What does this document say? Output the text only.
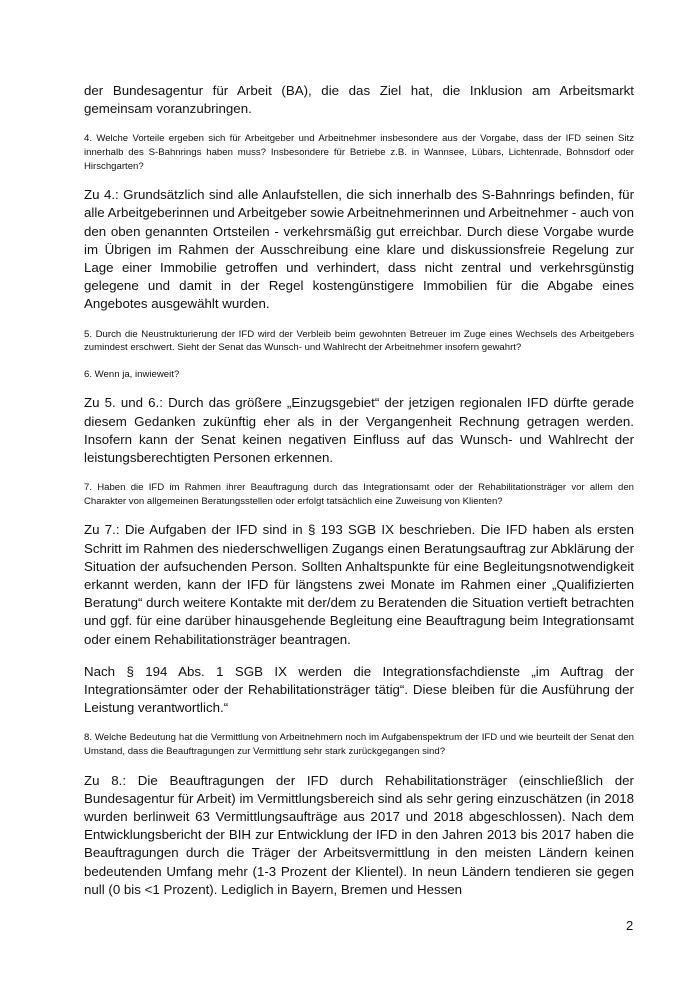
der Bundesagentur für Arbeit (BA), die das Ziel hat, die Inklusion am Arbeitsmarkt gemeinsam voranzubringen.

4. Welche Vorteile ergeben sich für Arbeitgeber und Arbeitnehmer insbesondere aus der Vorgabe, dass der IFD seinen Sitz innerhalb des S-Bahnrings haben muss? Insbesondere für Betriebe z.B. in Wannsee, Lübars, Lichtenrade, Bohnsdorf oder Hirschgarten?

Zu 4.: Grundsätzlich sind alle Anlaufstellen, die sich innerhalb des S-Bahnrings befinden, für alle Arbeitgeberinnen und Arbeitgeber sowie Arbeitnehmerinnen und Arbeitnehmer - auch von den oben genannten Ortsteilen - verkehrsmäßig gut erreichbar. Durch diese Vorgabe wurde im Übrigen im Rahmen der Ausschreibung eine klare und diskussionsfreie Regelung zur Lage einer Immobilie getroffen und verhindert, dass nicht zentral und verkehrsgünstig gelegene und damit in der Regel kostengünstigere Immobilien für die Abgabe eines Angebotes ausgewählt wurden.

5. Durch die Neustrukturierung der IFD wird der Verbleib beim gewohnten Betreuer im Zuge eines Wechsels des Arbeitgebers zumindest erschwert. Sieht der Senat das Wunsch- und Wahlrecht der Arbeitnehmer insofern gewahrt?

6. Wenn ja, inwieweit?

Zu 5. und 6.: Durch das größere „Einzugsgebiet“ der jetzigen regionalen IFD dürfte gerade diesem Gedanken zukünftig eher als in der Vergangenheit Rechnung getragen werden. Insofern kann der Senat keinen negativen Einfluss auf das Wunsch- und Wahlrecht der leistungsberechtigten Personen erkennen.

7. Haben die IFD im Rahmen ihrer Beauftragung durch das Integrationsamt oder der Rehabilitationsträger vor allem den Charakter von allgemeinen Beratungsstellen oder erfolgt tatsächlich eine Zuweisung von Klienten?

Zu 7.: Die Aufgaben der IFD sind in § 193 SGB IX beschrieben. Die IFD haben als ersten Schritt im Rahmen des niederschwelligen Zugangs einen Beratungsauftrag zur Abklärung der Situation der aufsuchenden Person. Sollten Anhaltspunkte für eine Begleitungsnotwendigkeit erkannt werden, kann der IFD für längstens zwei Monate im Rahmen einer „Qualifizierten Beratung“ durch weitere Kontakte mit der/dem zu Beratenden die Situation vertieft betrachten und ggf. für eine darüber hinausgehende Begleitung eine Beauftragung beim Integrationsamt oder einem Rehabilitationsträger beantragen.

Nach § 194 Abs. 1 SGB IX werden die Integrationsfachdienste „im Auftrag der Integrationsämter oder der Rehabilitationsträger tätig“. Diese bleiben für die Ausführung der Leistung verantwortlich.“

8. Welche Bedeutung hat die Vermittlung von Arbeitnehmern noch im Aufgabenspektrum der IFD und wie beurteilt der Senat den Umstand, dass die Beauftragungen zur Vermittlung sehr stark zurückgegangen sind?

Zu 8.: Die Beauftragungen der IFD durch Rehabilitationsträger (einschließlich der Bundesagentur für Arbeit) im Vermittlungsbereich sind als sehr gering einzuschätzen (in 2018 wurden berlinweit 63 Vermittlungsaufträge aus 2017 und 2018 abgeschlossen). Nach dem Entwicklungsbericht der BIH zur Entwicklung der IFD in den Jahren 2013 bis 2017 haben die Beauftragungen durch die Träger der Arbeitsvermittlung in den meisten Ländern keinen bedeutenden Umfang mehr (1-3 Prozent der Klientel). In neun Ländern tendieren sie gegen null (0 bis <1 Prozent). Lediglich in Bayern, Bremen und Hessen

2
